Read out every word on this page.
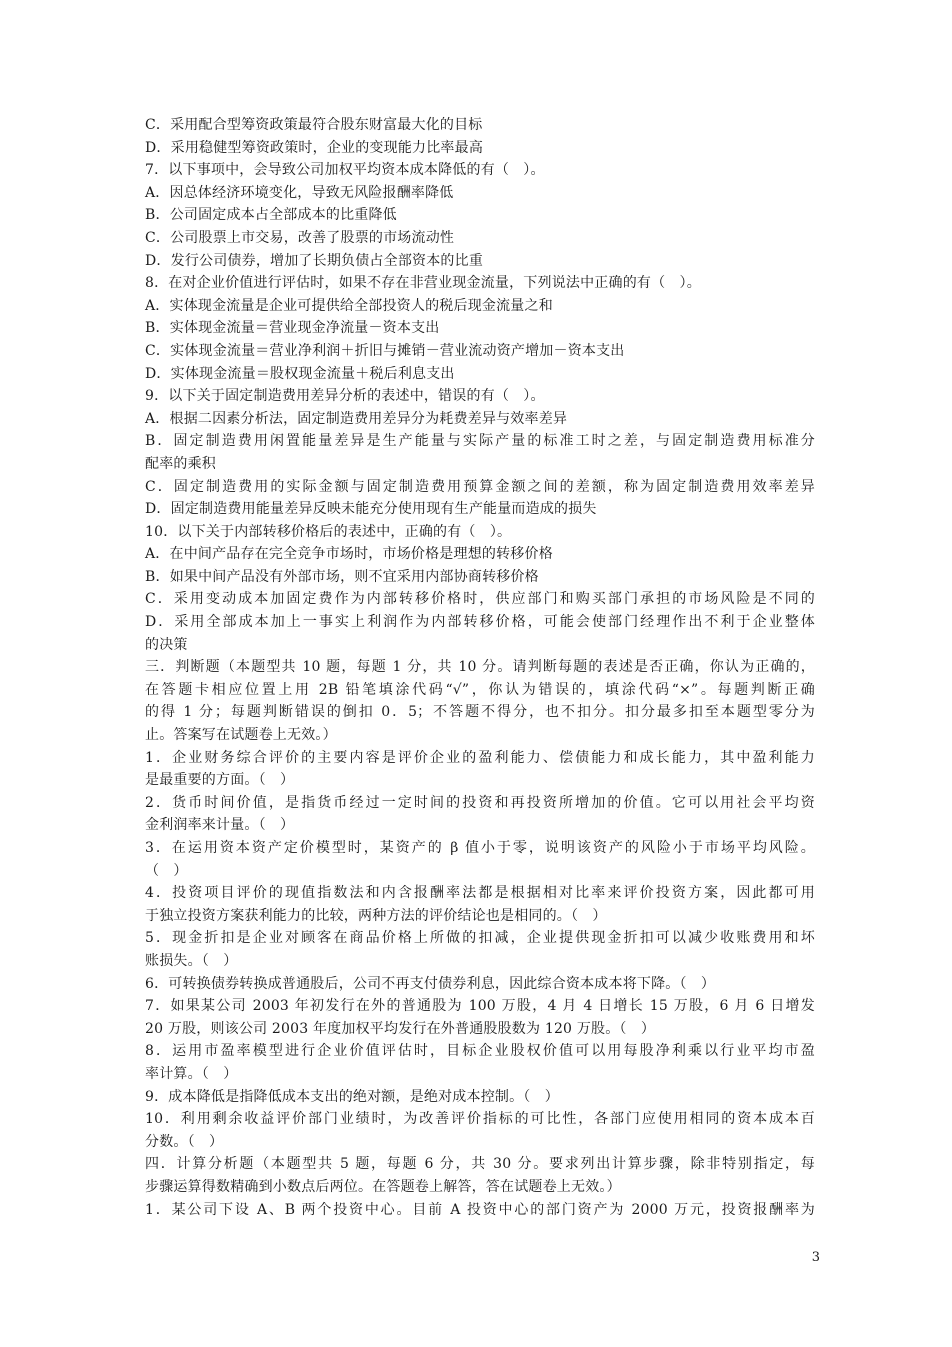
C．采用配合型筹资政策最符合股东财富最大化的目标
D．采用稳健型筹资政策时，企业的变现能力比率最高
7．以下事项中，会导致公司加权平均资本成本降低的有（　）。
A．因总体经济环境变化，导致无风险报酬率降低
B．公司固定成本占全部成本的比重降低
C．公司股票上市交易，改善了股票的市场流动性
D．发行公司债券，增加了长期负债占全部资本的比重
8．在对企业价值进行评估时，如果不存在非营业现金流量，下列说法中正确的有（　）。
A．实体现金流量是企业可提供给全部投资人的税后现金流量之和
B．实体现金流量＝营业现金净流量－资本支出
C．实体现金流量＝营业净利润＋折旧与摊销－营业流动资产增加－资本支出
D．实体现金流量＝股权现金流量＋税后利息支出
9．以下关于固定制造费用差异分析的表述中，错误的有（　）。
A．根据二因素分析法，固定制造费用差异分为耗费差异与效率差异
B．固定制造费用闲置能量差异是生产能量与实际产量的标准工时之差，与固定制造费用标准分
配率的乘积
C．固定制造费用的实际金额与固定制造费用预算金额之间的差额，称为固定制造费用效率差异
D．固定制造费用能量差异反映未能充分使用现有生产能量而造成的损失
10．以下关于内部转移价格后的表述中，正确的有（　）。
A．在中间产品存在完全竞争市场时，市场价格是理想的转移价格
B．如果中间产品没有外部市场，则不宜采用内部协商转移价格
C．采用变动成本加固定费作为内部转移价格时，供应部门和购买部门承担的市场风险是不同的
D．采用全部成本加上一事实上利润作为内部转移价格，可能会使部门经理作出不利于企业整体
的决策
三．判断题（本题型共 10 题，每题 1 分，共 10 分。请判断每题的表述是否正确，你认为正确的，
在答题卡相应位置上用 2B 铅笔填涂代码“√”，你认为错误的，填涂代码“×”。每题判断正确
的得 1 分；每题判断错误的倒扣 0．5；不答题不得分，也不扣分。扣分最多扣至本题型零分为
止。答案写在试题卷上无效。）
1．企业财务综合评价的主要内容是评价企业的盈利能力、偿债能力和成长能力，其中盈利能力
是最重要的方面。（　）
2．货币时间价值，是指货币经过一定时间的投资和再投资所增加的价值。它可以用社会平均资
金利润率来计量。（　）
3．在运用资本资产定价模型时，某资产的 β 值小于零，说明该资产的风险小于市场平均风险。
（　）
4．投资项目评价的现值指数法和内含报酬率法都是根据相对比率来评价投资方案，因此都可用
于独立投资方案获利能力的比较，两种方法的评价结论也是相同的。（　）
5．现金折扣是企业对顾客在商品价格上所做的扣减，企业提供现金折扣可以减少收账费用和坏
账损失。（　）
6．可转换债券转换成普通股后，公司不再支付债券利息，因此综合资本成本将下降。（　）
7．如果某公司 2003 年初发行在外的普通股为 100 万股，4 月 4 日增长 15 万股，6 月 6 日增发
20 万股，则该公司 2003 年度加权平均发行在外普通股股数为 120 万股。（　）
8．运用市盈率模型进行企业价值评估时，目标企业股权价值可以用每股净利乘以行业平均市盈
率计算。（　）
9．成本降低是指降低成本支出的绝对额，是绝对成本控制。（　）
10．利用剩余收益评价部门业绩时，为改善评价指标的可比性，各部门应使用相同的资本成本百
分数。（　）
四．计算分析题（本题型共 5 题，每题 6 分，共 30 分。要求列出计算步骤，除非特别指定，每
步骤运算得数精确到小数点后两位。在答题卷上解答，答在试题卷上无效。）
1．某公司下设 A、B 两个投资中心。目前 A 投资中心的部门资产为 2000 万元，投资报酬率为
3
